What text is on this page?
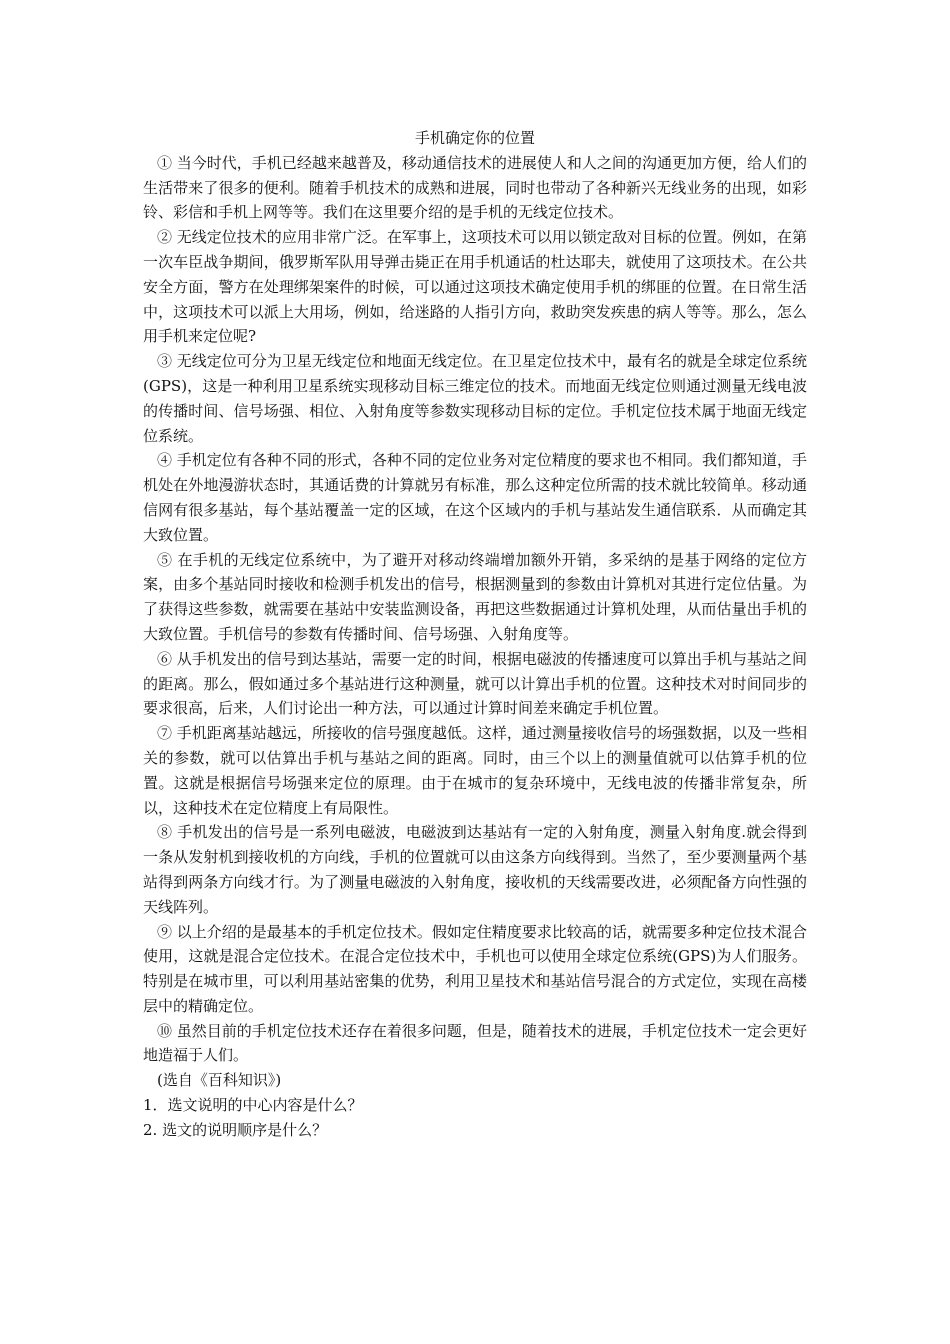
手机确定你的位置

① 当今时代，手机已经越来越普及，移动通信技术的进展使人和人之间的沟通更加方便，给人们的生活带来了很多的便利。随着手机技术的成熟和进展，同时也带动了各种新兴无线业务的出现，如彩铃、彩信和手机上网等等。我们在这里要介绍的是手机的无线定位技术。

② 无线定位技术的应用非常广泛。在军事上，这项技术可以用以锁定敌对目标的位置。例如，在第一次车臣战争期间，俄罗斯军队用导弹击毙正在用手机通话的杜达耶夫，就使用了这项技术。在公共安全方面，警方在处理绑架案件的时候，可以通过这项技术确定使用手机的绑匪的位置。在日常生活中，这项技术可以派上大用场，例如，给迷路的人指引方向，救助突发疾患的病人等等。那么，怎么用手机来定位呢?

③ 无线定位可分为卫星无线定位和地面无线定位。在卫星定位技术中，最有名的就是全球定位系统(GPS)，这是一种利用卫星系统实现移动目标三维定位的技术。而地面无线定位则通过测量无线电波的传播时间、信号场强、相位、入射角度等参数实现移动目标的定位。手机定位技术属于地面无线定位系统。

④ 手机定位有各种不同的形式，各种不同的定位业务对定位精度的要求也不相同。我们都知道，手机处在外地漫游状态时，其通话费的计算就另有标准，那么这种定位所需的技术就比较简单。移动通信网有很多基站，每个基站覆盖一定的区域，在这个区域内的手机与基站发生通信联系．从而确定其大致位置。

⑤ 在手机的无线定位系统中，为了避开对移动终端增加额外开销，多采纳的是基于网络的定位方案，由多个基站同时接收和检测手机发出的信号，根据测量到的参数由计算机对其进行定位估量。为了获得这些参数，就需要在基站中安装监测设备，再把这些数据通过计算机处理，从而估量出手机的大致位置。手机信号的参数有传播时间、信号场强、入射角度等。

⑥ 从手机发出的信号到达基站，需要一定的时间，根据电磁波的传播速度可以算出手机与基站之间的距离。那么，假如通过多个基站进行这种测量，就可以计算出手机的位置。这种技术对时间同步的要求很高，后来，人们讨论出一种方法，可以通过计算时间差来确定手机位置。

⑦ 手机距离基站越远，所接收的信号强度越低。这样，通过测量接收信号的场强数据，以及一些相关的参数，就可以估算出手机与基站之间的距离。同时，由三个以上的测量值就可以估算手机的位置。这就是根据信号场强来定位的原理。由于在城市的复杂环境中，无线电波的传播非常复杂，所以，这种技术在定位精度上有局限性。

⑧ 手机发出的信号是一系列电磁波，电磁波到达基站有一定的入射角度，测量入射角度.就会得到一条从发射机到接收机的方向线，手机的位置就可以由这条方向线得到。当然了，至少要测量两个基站得到两条方向线才行。为了测量电磁波的入射角度，接收机的天线需要改进，必须配备方向性强的天线阵列。

⑨ 以上介绍的是最基本的手机定位技术。假如定住精度要求比较高的话，就需要多种定位技术混合使用，这就是混合定位技术。在混合定位技术中，手机也可以使用全球定位系统(GPS)为人们服务。特别是在城市里，可以利用基站密集的优势，利用卫星技术和基站信号混合的方式定位，实现在高楼层中的精确定位。

⑩ 虽然目前的手机定位技术还存在着很多问题，但是，随着技术的进展，手机定位技术一定会更好地造福于人们。

(选自《百科知识》)

1．选文说明的中心内容是什么？

2. 选文的说明顺序是什么？
